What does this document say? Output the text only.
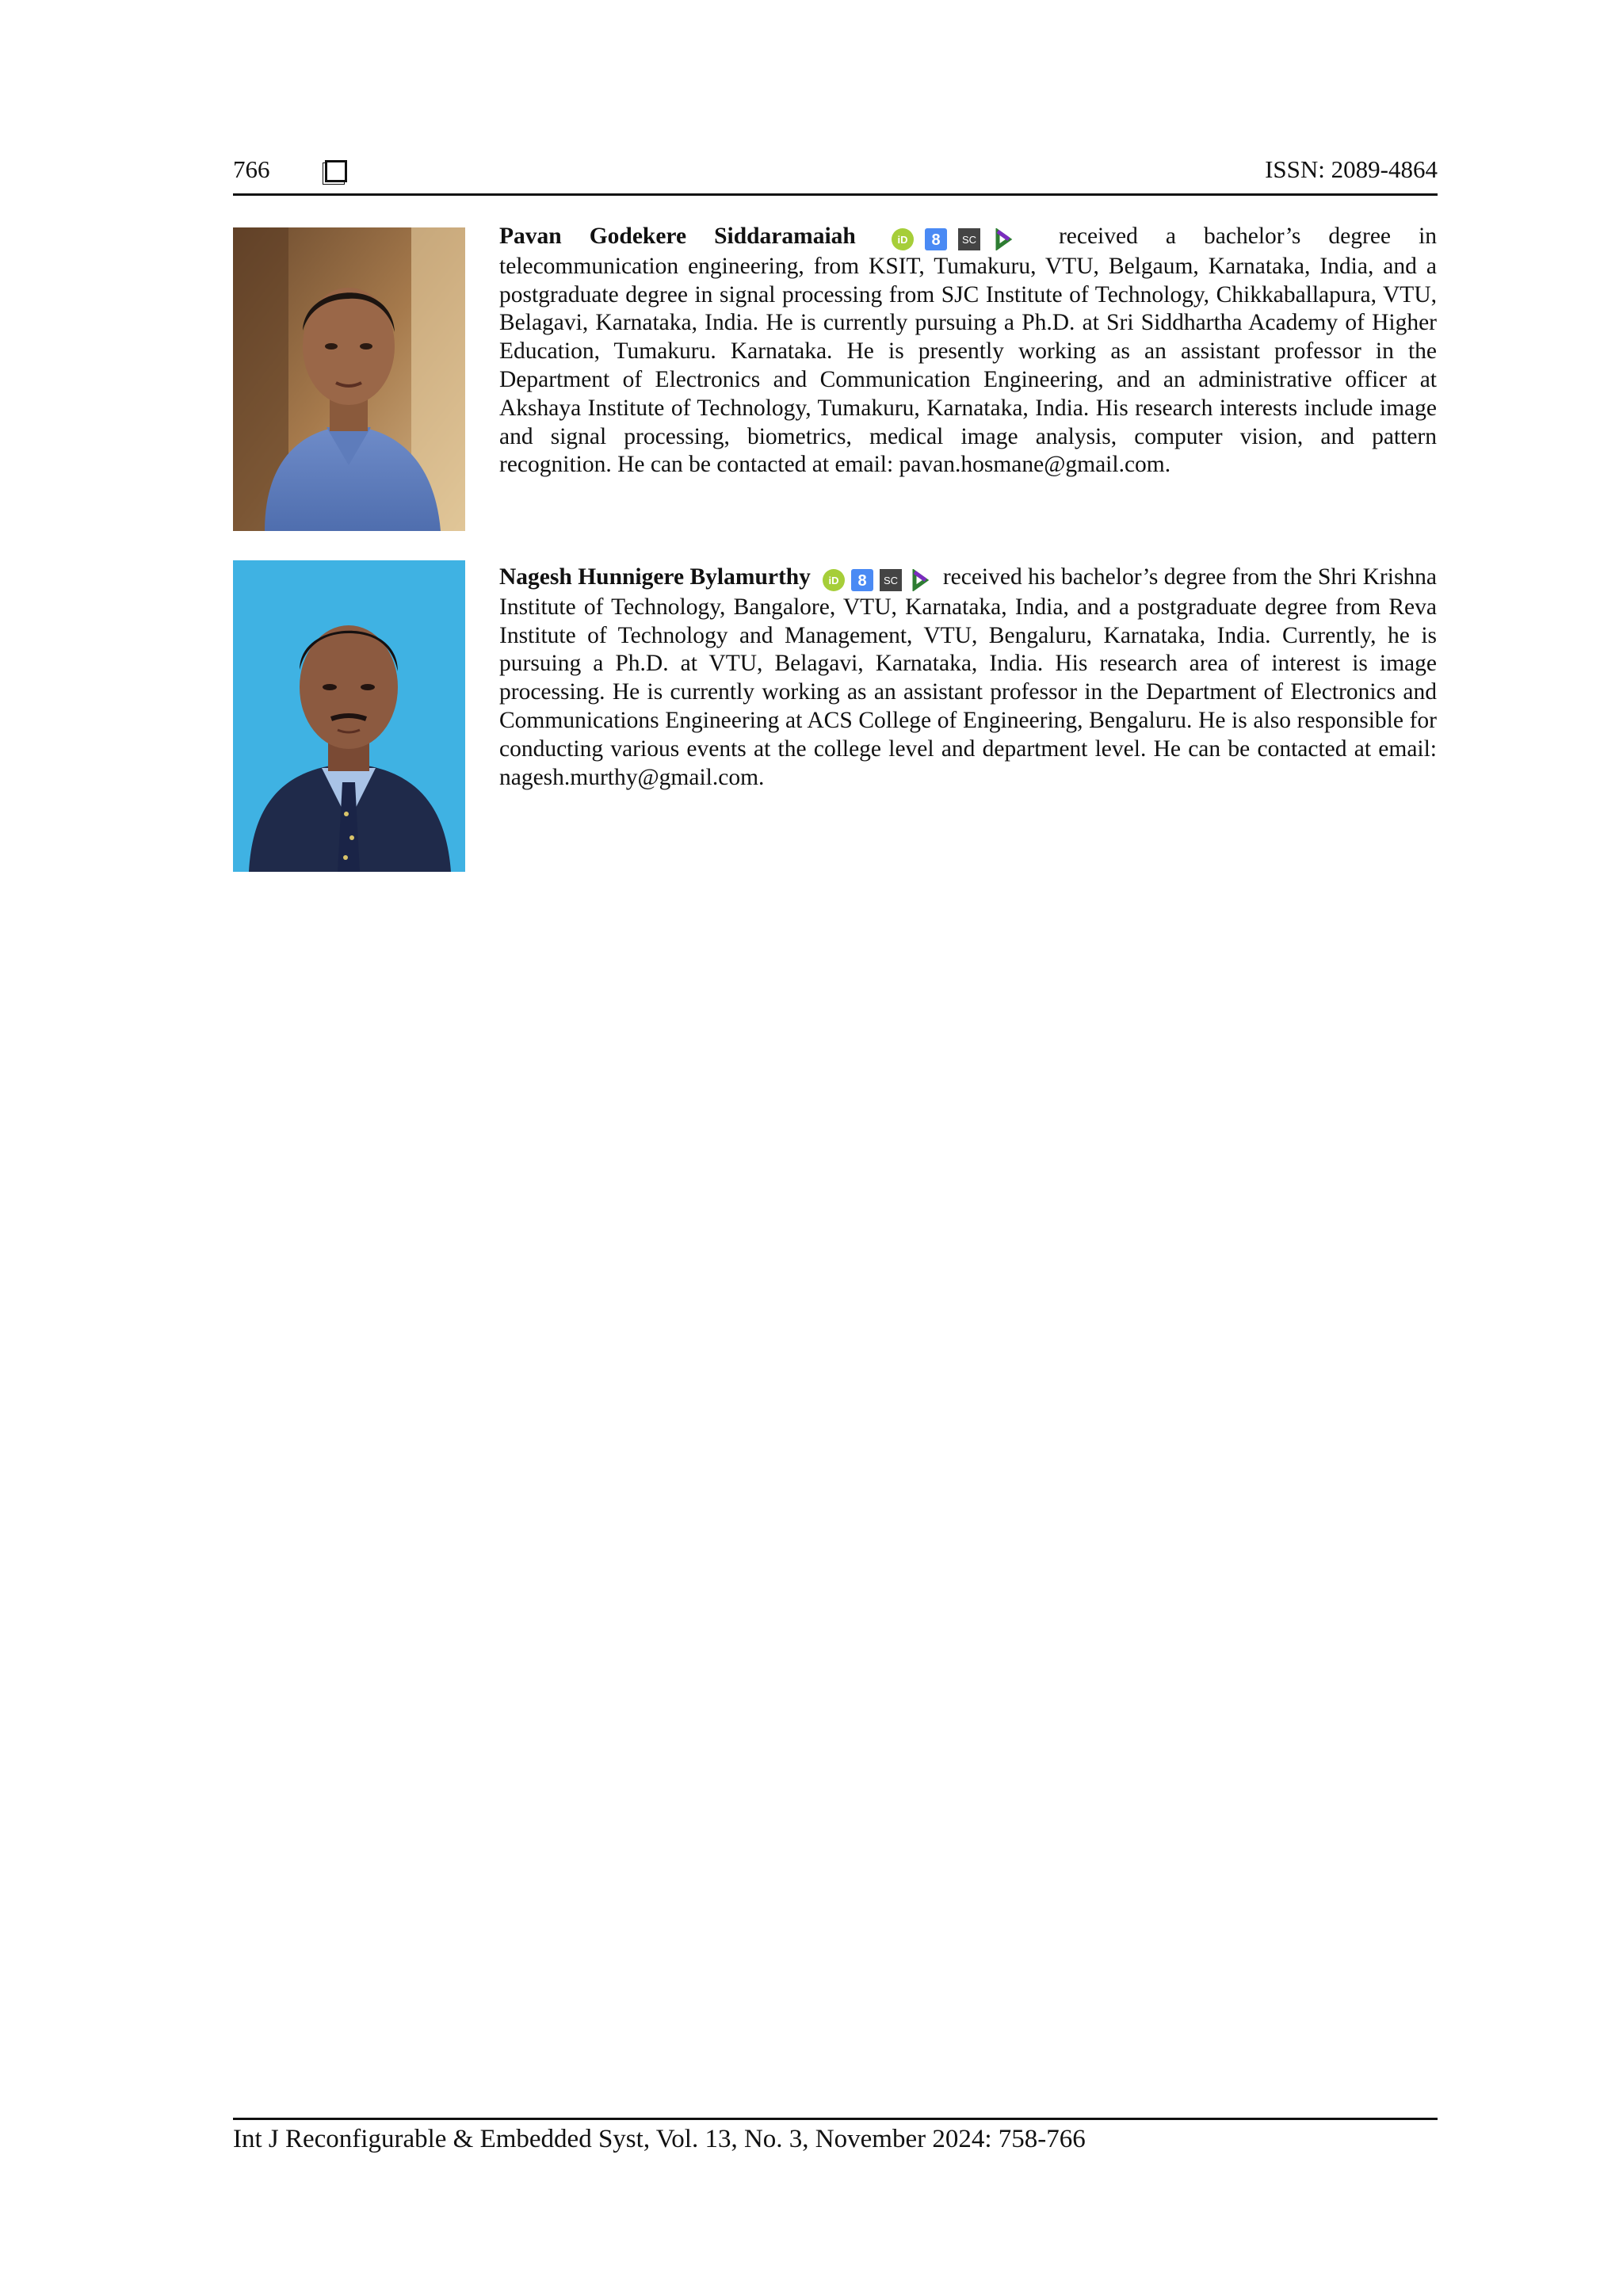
766	ISSN: 2089-4864

Pavan Godekere Siddaramaiah	iD 8 SC	received a bachelor’s degree in telecommunication engineering, from KSIT, Tumakuru, VTU, Belgaum, Karnataka, India, and a postgraduate degree in signal processing from SJC Institute of Technology, Chikkaballapura, VTU, Belagavi, Karnataka, India. He is currently pursuing a Ph.D. at Sri Siddhartha Academy of Higher Education, Tumakuru. Karnataka. He is presently working as an assistant professor in the Department of Electronics and Communication Engineering, and an administrative officer at Akshaya Institute of Technology, Tumakuru, Karnataka, India. His research interests include image and signal processing, biometrics, medical image analysis, computer vision, and pattern recognition. He can be contacted at email: pavan.hosmane@gmail.com.

Nagesh Hunnigere Bylamurthy iD 8 SC received his bachelor’s degree from the Shri Krishna Institute of Technology, Bangalore, VTU, Karnataka, India, and a postgraduate degree from Reva Institute of Technology and Management, VTU, Bengaluru, Karnataka, India. Currently, he is pursuing a Ph.D. at VTU, Belagavi, Karnataka, India. His research area of interest is image processing. He is currently working as an assistant professor in the Department of Electronics and Communications Engineering at ACS College of Engineering, Bengaluru. He is also responsible for conducting various events at the college level and department level. He can be contacted at email: nagesh.murthy@gmail.com.

Int J Reconfigurable & Embedded Syst, Vol. 13, No. 3, November 2024: 758-766
